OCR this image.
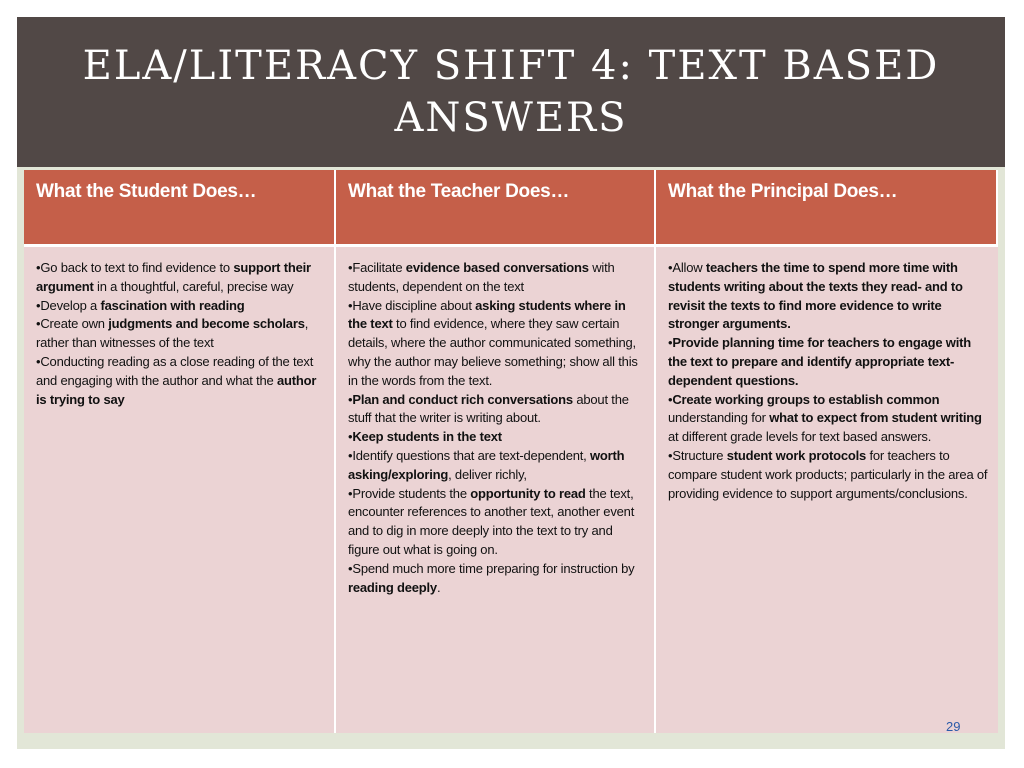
ELA/LITERACY SHIFT 4: TEXT BASED
ANSWERS
What the Student Does…	What the Teacher Does…	What the Principal Does…

•Go back to text to find evidence to support their argument in a thoughtful, careful, precise way

•Develop a fascination with reading

•Create own judgments and become scholars, rather than witnesses of the text

•Conducting reading as a close reading of the text and engaging with the author and what the author is trying to say

•Facilitate evidence based conversations with students, dependent on the text

•Have discipline about asking students where in the text to find evidence, where they saw certain details, where the author communicated something, why the author may believe something; show all this in the words from the text.

•Plan and conduct rich conversations about the stuff that the writer is writing about.

•Keep students in the text

•Identify questions that are text-dependent, worth asking/exploring, deliver richly,

•Provide students the opportunity to read the text, encounter references to another text, another event and to dig in more deeply into the text to try and figure out what is going on.

•Spend much more time preparing for instruction by reading deeply.

•Allow teachers the time to spend more time with students writing about the texts they read- and to revisit the texts to find more evidence to write stronger arguments.

•Provide planning time for teachers to engage with the text to prepare and identify appropriate text-dependent questions.

•Create working groups to establish common understanding for what to expect from student writing at different grade levels for text based answers.

•Structure student work protocols for teachers to compare student work products; particularly in the area of providing evidence to support arguments/conclusions.

29
